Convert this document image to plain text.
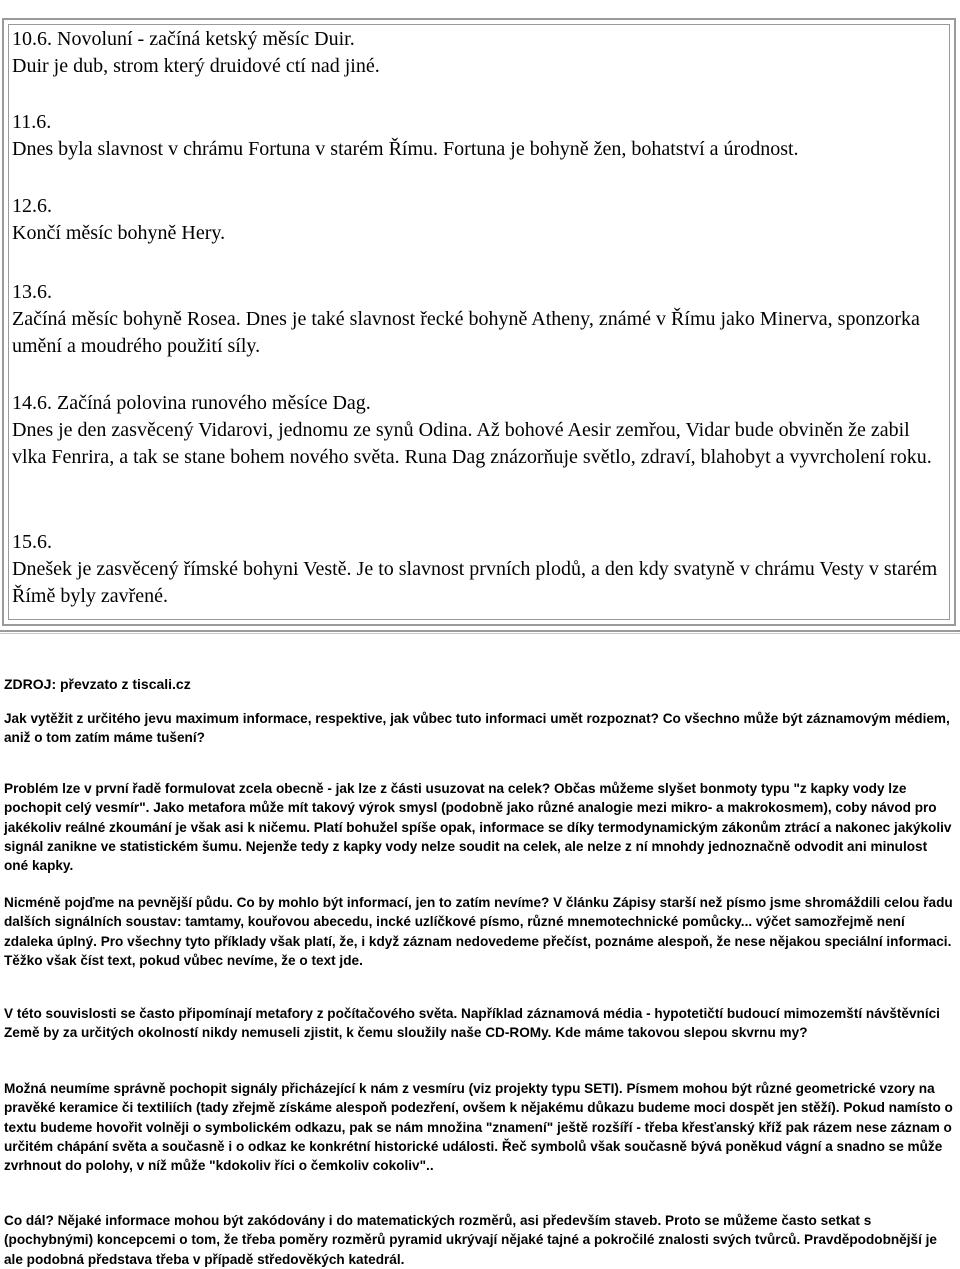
10.6. Novoluní - začíná ketský měsíc Duir.
Duir je dub, strom který druidové ctí nad jiné.
11.6.
Dnes byla slavnost v chrámu Fortuna v starém Římu. Fortuna je bohyně žen, bohatství a úrodnost.
12.6.
Končí měsíc bohyně Hery.
13.6.
Začíná měsíc bohyně Rosea. Dnes je také slavnost řecké bohyně Atheny, známé v Římu jako Minerva, sponzorka umění a moudrého použití síly.
14.6. Začíná polovina runového měsíce Dag.
Dnes je den zasvěcený Vidarovi, jednomu ze synů Odina. Až bohové Aesir zemřou, Vidar bude obviněn že zabil vlka Fenrira, a tak se stane bohem nového světa. Runa Dag znázorňuje světlo, zdraví, blahobyt a vyvrcholení roku.
15.6.
Dnešek je zasvěcený římské bohyni Vestě. Je to slavnost prvních plodů, a den kdy svatyně v chrámu Vesty v starém Římě byly zavřené.
ZDROJ: převzato z tiscali.cz
Jak vytěžit z určitého jevu maximum informace, respektive, jak vůbec tuto informaci umět rozpoznat? Co všechno může být záznamovým médiem, aniž o tom zatím máme tušení?
Problém lze v první řadě formulovat zcela obecně - jak lze z části usuzovat na celek? Občas můžeme slyšet bonmoty typu "z kapky vody lze pochopit celý vesmír". Jako metafora může mít takový výrok smysl (podobně jako různé analogie mezi mikro- a makrokosmem), coby návod pro jakékoliv reálné zkoumání je však asi k ničemu. Platí bohužel spíše opak, informace se díky termodynamickým zákonům ztrácí a nakonec jakýkoliv signál zanikne ve statistickém šumu. Nejenže tedy z kapky vody nelze soudit na celek, ale nelze z ní mnohdy jednoznačně odvodit ani minulost oné kapky.
Nicméně pojďme na pevnější půdu. Co by mohlo být informací, jen to zatím nevíme? V článku Zápisy starší než písmo jsme shromáždili celou řadu dalších signálních soustav: tamtamy, kouřovou abecedu, incké uzlíčkové písmo, různé mnemotechnické pomůcky... výčet samozřejmě není zdaleka úplný. Pro všechny tyto příklady však platí, že, i když záznam nedovedeme přečíst, poznáme alespoň, že nese nějakou speciální informaci. Těžko však číst text, pokud vůbec nevíme, že o text jde.
V této souvislosti se často připomínají metafory z počítačového světa. Například záznamová média - hypotetičtí budoucí mimozemští návštěvníci Země by za určitých okolností nikdy nemuseli zjistit, k čemu sloužily naše CD-ROMy. Kde máme takovou slepou skvrnu my?
Možná neumíme správně pochopit signály přicházející k nám z vesmíru (viz projekty typu SETI). Písmem mohou být různé geometrické vzory na pravěké keramice či textiliích (tady zřejmě získáme alespoň podezření, ovšem k nějakému důkazu budeme moci dospět jen stěží). Pokud namísto o textu budeme hovořit volněji o symbolickém odkazu, pak se nám množina "znamení" ještě rozšíří - třeba křesťanský kříž pak rázem nese záznam o určitém chápání světa a současně i o odkaz ke konkrétní historické události. Řeč symbolů však současně bývá poněkud vágní a snadno se může zvrhnout do polohy, v níž může "kdokoliv říci o čemkoliv cokoliv"..
Co dál? Nějaké informace mohou být zakódovány i do matematických rozměrů, asi především staveb. Proto se můžeme často setkat s (pochybnými) koncepcemi o tom, že třeba poměry rozměrů pyramid ukrývají nějaké tajné a pokročilé znalosti svých tvůrců. Pravděpodobnější je ale podobná představa třeba v případě středověkých katedrál.
